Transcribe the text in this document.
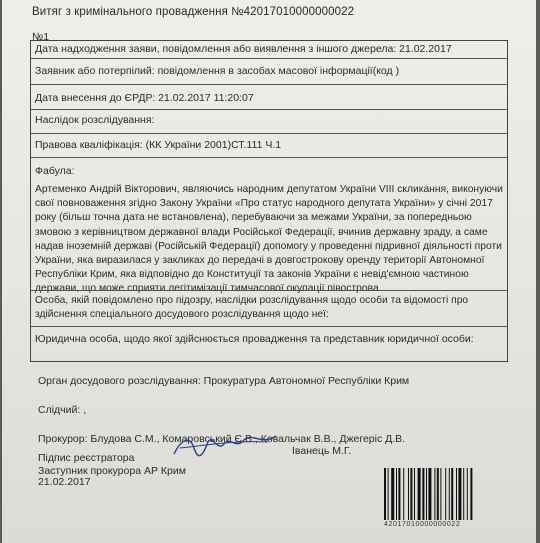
Витяг з кримінального провадження №42017010000000022
№1
Дата надходження заяви, повідомлення або виявлення з іншого джерела: 21.02.2017
Заявник або потерпілий: повідомлення в засобах масової інформації(код )
Дата внесення до ЄРДР: 21.02.2017 11:20:07
Наслідок розслідування:
Правова кваліфікація: (КК України 2001)СТ.111 Ч.1
Фабула:
Артеменко Андрій Вікторович, являючись народним депутатом України VIII скликання, виконуючи
свої повноваження згідно Закону України «Про статус народного депутата України» у січні 2017
року (більш точна дата не встановлена), перебуваючи за межами України, за попередньою
змовою з керівництвом державної влади Російської Федерації, вчинив державну зраду, а саме
надав іноземній державі (Російській Федерації) допомогу у проведенні підривної діяльності проти
України, яка виразилася у закликах до передачі в довгострокову оренду території Автономної
Республіки Крим, яка відповідно до Конституції та законів України є невід'ємною частиною
держави, що може сприяти легітимізації тимчасової окупації півострова.
Особа, якій повідомлено про підозру, наслідки розслідування щодо особи та відомості про
здійснення спеціального досудового розслідування щодо неї:
Юридична особа, щодо якої здійснюється провадження та представник юридичної особи:
Орган досудового розслідування: Прокуратура Автономної Республіки Крим
Слідчий: ,
Прокурор: Блудова С.М., Комаровський Є.В., Ковальчак В.В., Джегеріс Д.В.
Підпис реєстратора
Іванець М.Г.
Заступник прокурора АР Крим
21.02.2017
42017010000000022
